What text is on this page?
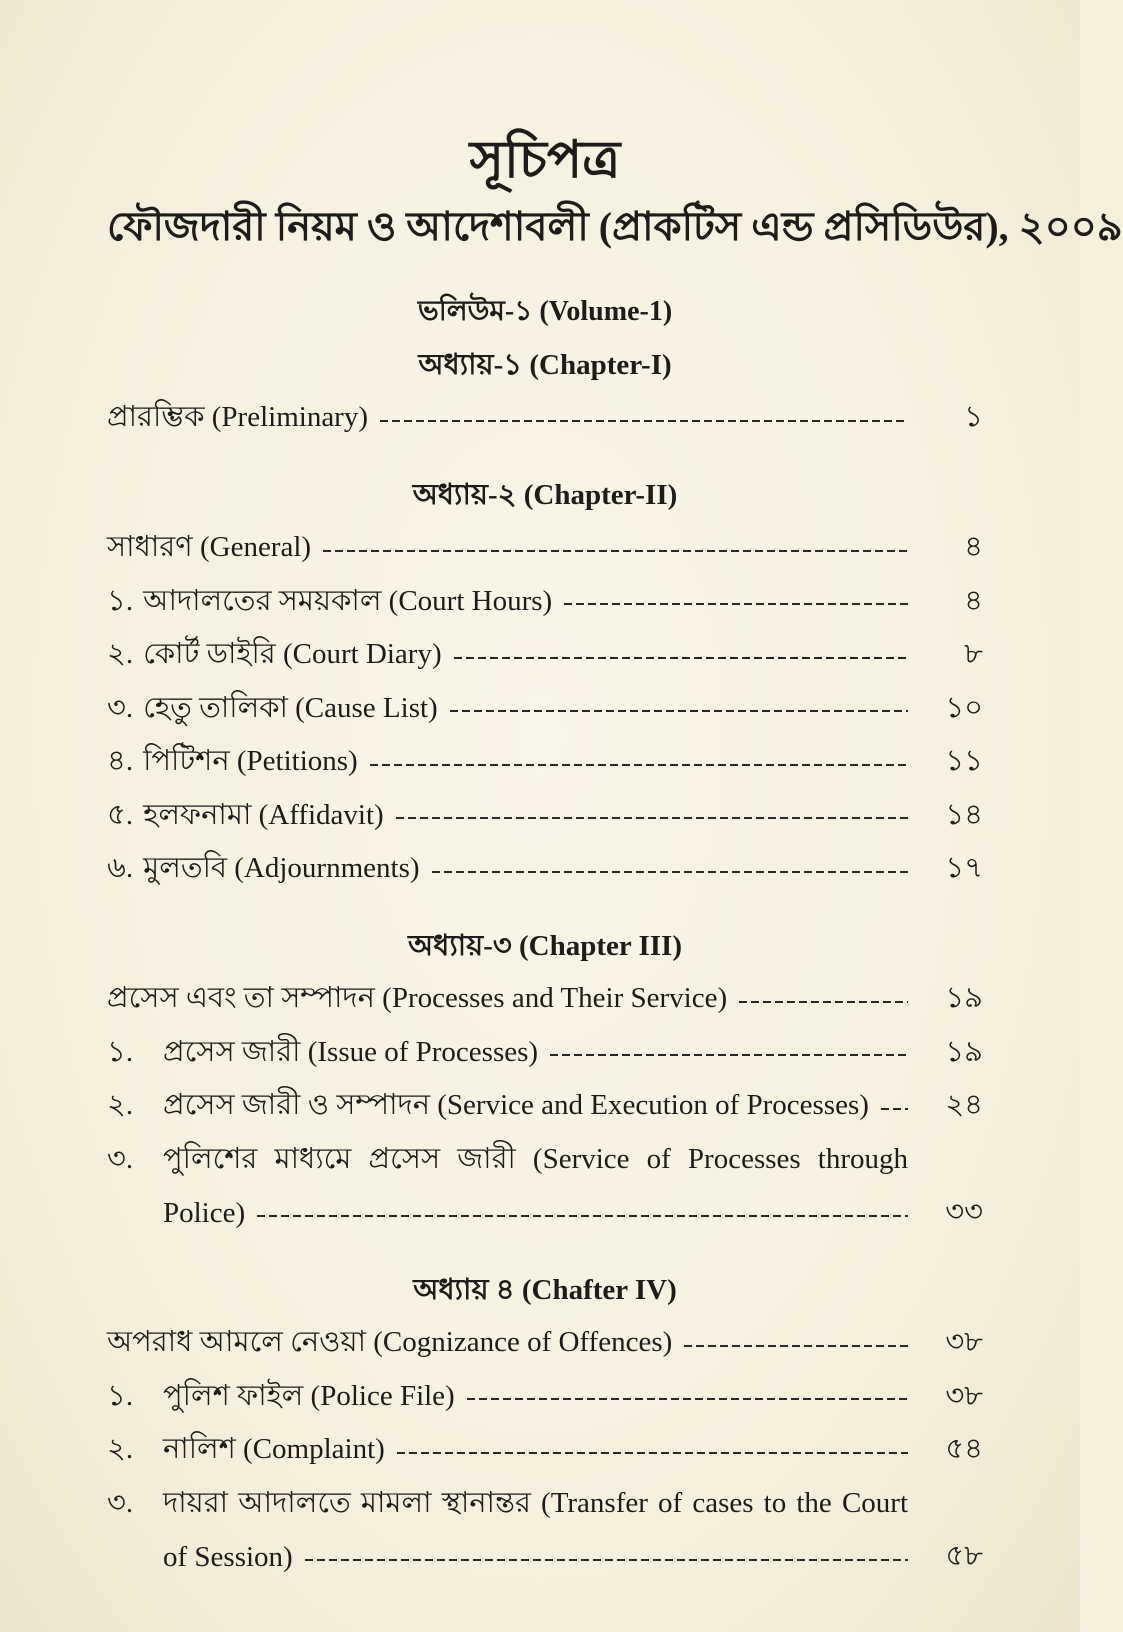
সূচিপত্র
ফৌজদারী নিয়ম ও আদেশাবলী (প্রাকটিস এন্ড প্রসিডিউর), ২০০৯
ভলিউম-১ (Volume-1)
অধ্যায়-১ (Chapter-I)
প্রারম্ভিক (Preliminary)	১
অধ্যায়-২ (Chapter-II)
সাধারণ (General)	৪
১. আদালতের সময়কাল (Court Hours)	৪
২. কোর্ট ডাইরি (Court Diary)	৮
৩. হেতু তালিকা (Cause List)	১০
৪. পিটিশন (Petitions)	১১
৫. হলফনামা (Affidavit)	১৪
৬. মুলতবি (Adjournments)	১৭
অধ্যায়-৩ (Chapter III)
প্রসেস এবং তা সম্পাদন (Processes and Their Service)	১৯
১.	প্রসেস জারী (Issue of Processes)	১৯
২.	প্রসেস জারী ও সম্পাদন (Service and Execution of Processes)	২৪
৩.	পুলিশের মাধ্যমে প্রসেস জারী (Service of Processes through
Police)	৩৩
অধ্যায় ৪ (Chafter IV)
অপরাধ আমলে নেওয়া (Cognizance of Offences)	৩৮
১.	পুলিশ ফাইল (Police File)	৩৮
২.	নালিশ (Complaint)	৫৪
৩.	দায়রা আদালতে মামলা স্থানান্তর (Transfer of cases to the Court
of Session)	৫৮
